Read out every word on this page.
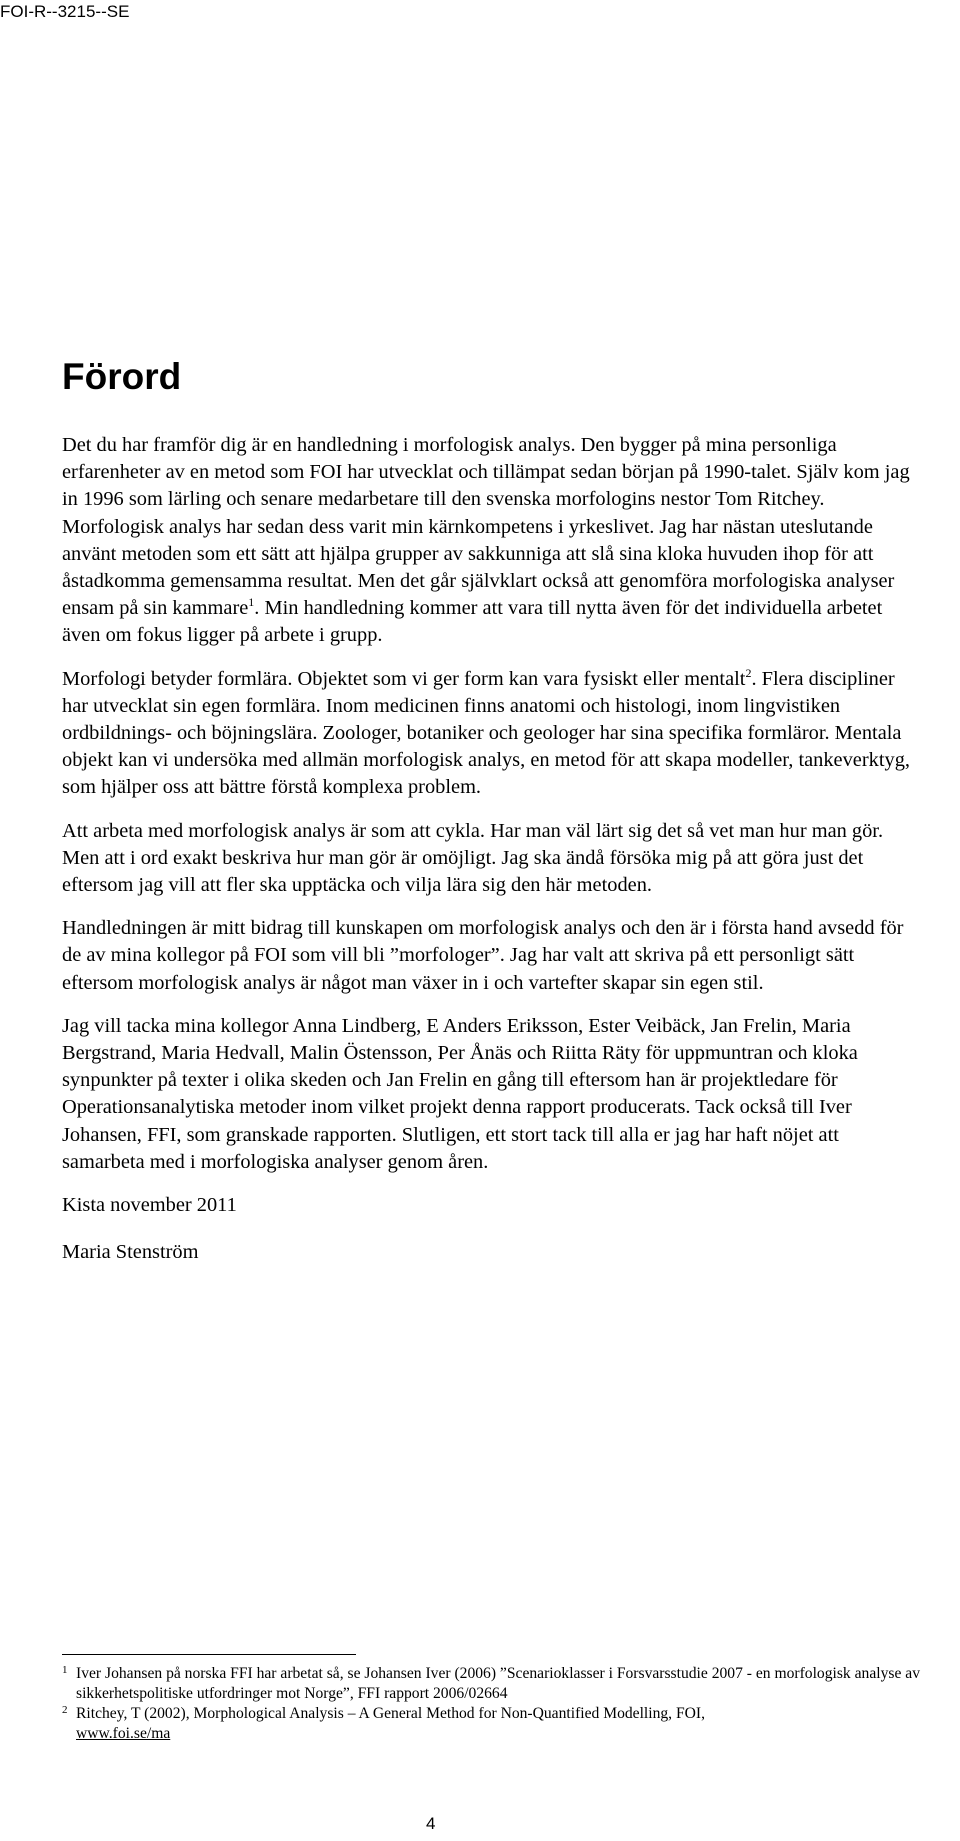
FOI-R--3215--SE
Förord

Det du har framför dig är en handledning i morfologisk analys. Den bygger på mina personliga erfarenheter av en metod som FOI har utvecklat och tillämpat sedan början på 1990-talet. Själv kom jag in 1996 som lärling och senare medarbetare till den svenska morfologins nestor Tom Ritchey. Morfologisk analys har sedan dess varit min kärnkompetens i yrkeslivet. Jag har nästan uteslutande använt metoden som ett sätt att hjälpa grupper av sakkunniga att slå sina kloka huvuden ihop för att åstadkomma gemensamma resultat. Men det går självklart också att genomföra morfologiska analyser ensam på sin kammare$^1$. Min handledning kommer att vara till nytta även för det individuella arbetet även om fokus ligger på arbete i grupp.

Morfologi betyder formlära. Objektet som vi ger form kan vara fysiskt eller mentalt$^2$. Flera discipliner har utvecklat sin egen formlära. Inom medicinen finns anatomi och histologi, inom lingvistiken ordbildnings- och böjningslära. Zoologer, botaniker och geologer har sina specifika formläror. Mentala objekt kan vi undersöka med allmän morfologisk analys, en metod för att skapa modeller, tankeverktyg, som hjälper oss att bättre förstå komplexa problem.

Att arbeta med morfologisk analys är som att cykla. Har man väl lärt sig det så vet man hur man gör. Men att i ord exakt beskriva hur man gör är omöjligt. Jag ska ändå försöka mig på att göra just det eftersom jag vill att fler ska upptäcka och vilja lära sig den här metoden.

Handledningen är mitt bidrag till kunskapen om morfologisk analys och den är i första hand avsedd för de av mina kollegor på FOI som vill bli ”morfologer”. Jag har valt att skriva på ett personligt sätt eftersom morfologisk analys är något man växer in i och vartefter skapar sin egen stil.

Jag vill tacka mina kollegor Anna Lindberg, E Anders Eriksson, Ester Veibäck, Jan Frelin, Maria Bergstrand, Maria Hedvall, Malin Östensson, Per Ånäs och Riitta Räty för uppmuntran och kloka synpunkter på texter i olika skeden och Jan Frelin en gång till eftersom han är projektledare för Operationsanalytiska metoder inom vilket projekt denna rapport producerats. Tack också till Iver Johansen, FFI, som granskade rapporten. Slutligen, ett stort tack till alla er jag har haft nöjet att samarbeta med i morfologiska analyser genom åren.

Kista november 2011

Maria Stenström

1 Iver Johansen på norska FFI har arbetat så, se Johansen Iver (2006) ”Scenarioklasser i Forsvarsstudie 2007 - en morfologisk analyse av sikkerhetspolitiske utfordringer mot Norge”, FFI rapport 2006/02664
2 Ritchey, T (2002), Morphological Analysis – A General Method for Non-Quantified Modelling, FOI,
www.foi.se/ma
4
